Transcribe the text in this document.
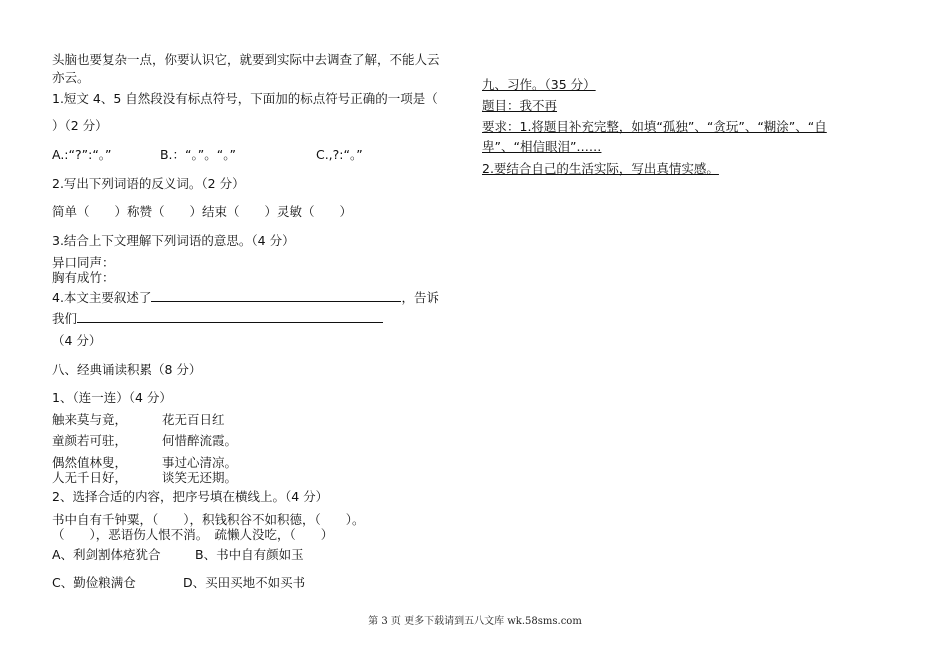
头脑也要复杂一点，你要认识它，就要到实际中去调查了解，不能人云
亦云。
1.短文 4、5 自然段没有标点符号，下面加的标点符号正确的一项是（
）（2 分）
A.:“?”:“。”	B.：“。”。“。”	C.,?:“。”
2.写出下列词语的反义词。（2 分）
简单（　　）称赞（　　）结束（　　）灵敏（　　）
3.结合上下文理解下列词语的意思。（4 分）
异口同声：
胸有成竹：
4.本文主要叙述了	，告诉
我们
（4 分）
八、经典诵读积累（8 分）
1、（连一连）（4 分）
触来莫与竟，	花无百日红
童颜若可驻，	何惜醉流霞。
偶然值林叟，	事过心清凉。
人无千日好，	谈笑无还期。
2、选择合适的内容，把序号填在横线上。（4 分）
书中自有千钟粟，（　　），积钱积谷不如积德，（　　）。
（　　），恶语伤人恨不消。　疏懒人没吃，（　　）
A、利剑割体疮犹合	B、书中自有颜如玉
C、勤俭粮满仓	D、买田买地不如买书
九、习作。（35 分）
题目：我不再
要求：1.将题目补充完整，如填“孤独”、“贪玩”、“糊涂”、“自
卑”、“相信眼泪”……
2.要结合自己的生活实际，写出真情实感。
第 3 页 更多下载请到五八文库 wk.58sms.com
